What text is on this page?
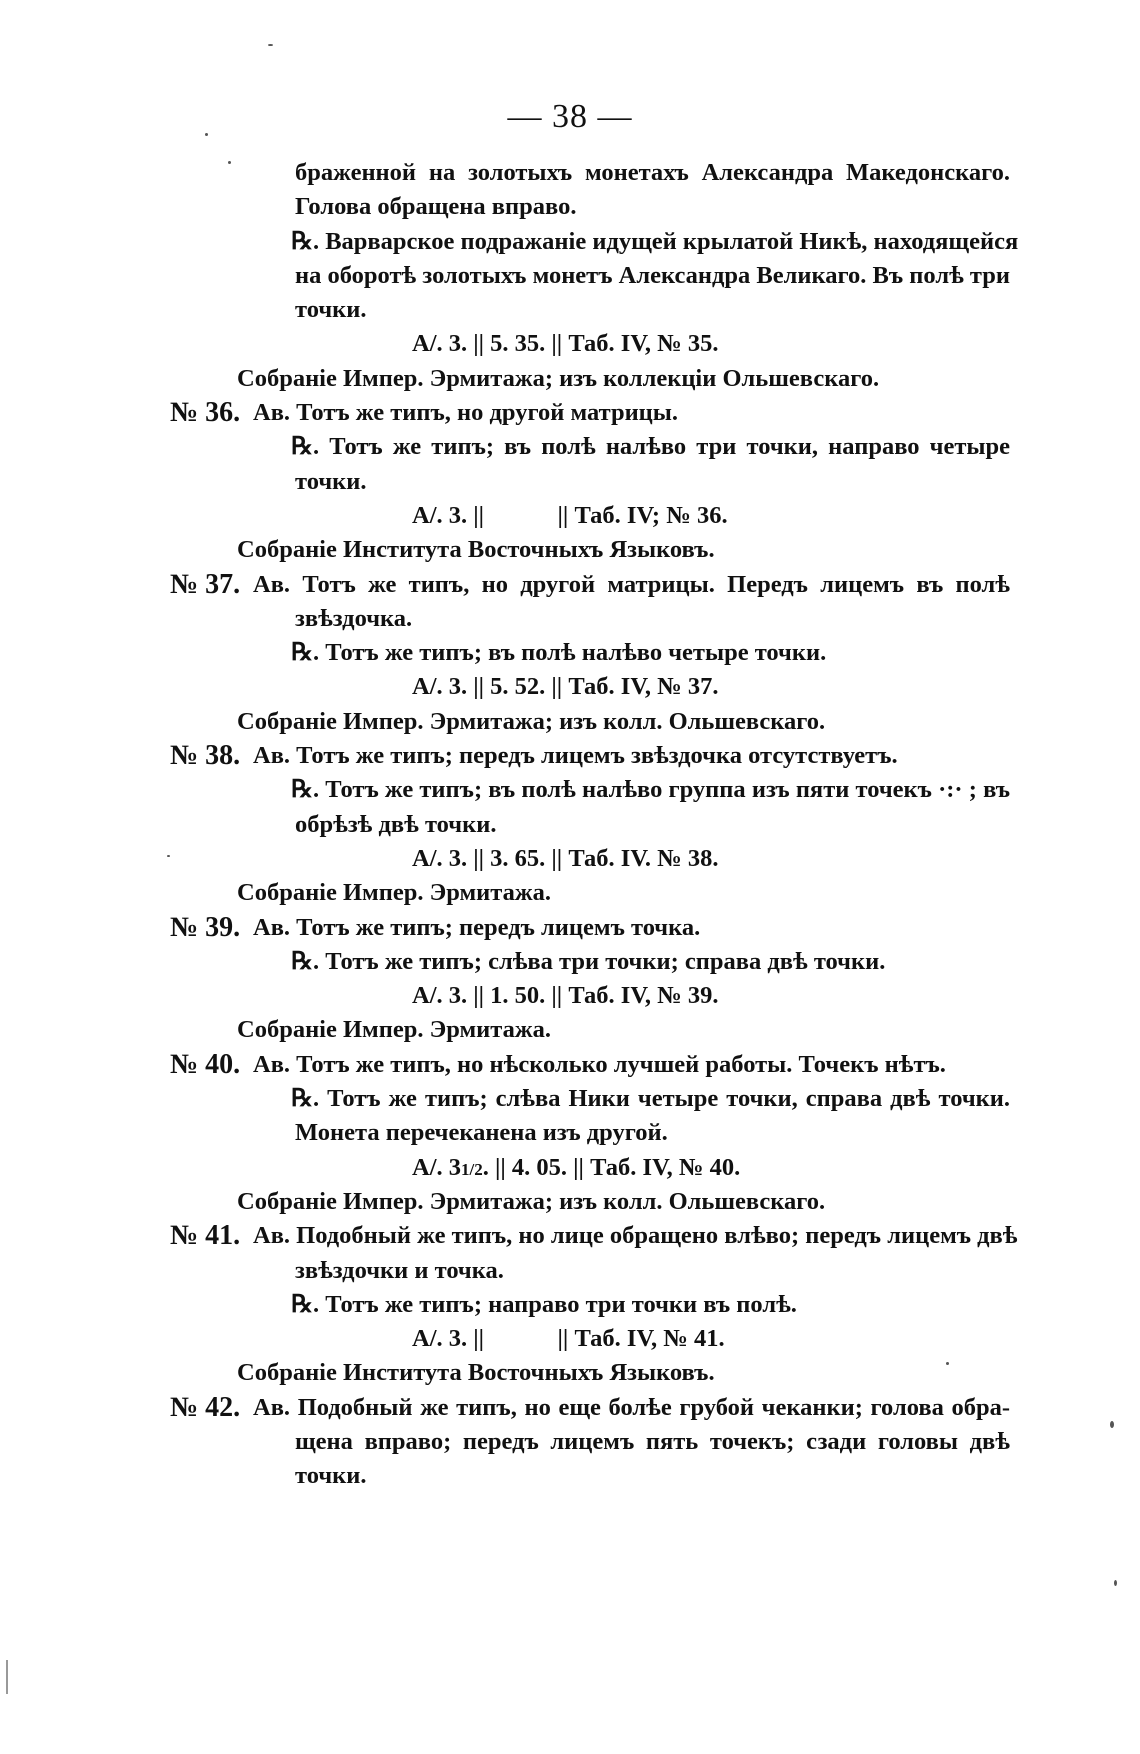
— 38 —
браженной на золотыхъ монетахъ Александра Македонскаго.
Голова обращена вправо.
℞. Варварское подражаніе идущей крылатой Никѣ, находящейся
на оборотѣ золотыхъ монетъ Александра Великаго. Въ полѣ три
точки.
A/. 3. || 5. 35. || Таб. IV, № 35.
Собраніе Импер. Эрмитажа; изъ коллекціи Ольшевскаго.
№ 36. Ав. Тотъ же типъ, но другой матрицы.
℞. Тотъ же типъ; въ полѣ налѣво три точки, направо четыре
точки.
A/. 3. ||            || Таб. IV; № 36.
Собраніе Института Восточныхъ Языковъ.
№ 37. Ав. Тотъ же типъ, но другой матрицы. Передъ лицемъ въ полѣ
звѣздочка.
℞. Тотъ же типъ; въ полѣ налѣво четыре точки.
A/. 3. || 5. 52. || Таб. IV, № 37.
Собраніе Импер. Эрмитажа; изъ колл. Ольшевскаго.
№ 38. Ав. Тотъ же типъ; передъ лицемъ звѣздочка отсутствуетъ.
℞. Тотъ же типъ; въ полѣ налѣво группа изъ пяти точекъ ·:· ; въ
обрѣзѣ двѣ точки.
A/. 3. || 3. 65. || Таб. IV. № 38.
Собраніе Импер. Эрмитажа.
№ 39. Ав. Тотъ же типъ; передъ лицемъ точка.
℞. Тотъ же типъ; слѣва три точки; справа двѣ точки.
A/. 3. || 1. 50. || Таб. IV, № 39.
Собраніе Импер. Эрмитажа.
№ 40. Ав. Тотъ же типъ, но нѣсколько лучшей работы. Точекъ нѣтъ.
℞. Тотъ же типъ; слѣва Ники четыре точки, справа двѣ точки.
Монета перечеканена изъ другой.
A/. 31/2. || 4. 05. || Таб. IV, № 40.
Собраніе Импер. Эрмитажа; изъ колл. Ольшевскаго.
№ 41. Ав. Подобный же типъ, но лице обращено влѣво; передъ лицемъ двѣ
звѣздочки и точка.
℞. Тотъ же типъ; направо три точки въ полѣ.
A/. 3. ||            || Таб. IV, № 41.
Собраніе Института Восточныхъ Языковъ.
№ 42. Ав. Подобный же типъ, но еще болѣе грубой чеканки; голова обра-
щена вправо; передъ лицемъ пять точекъ; сзади головы двѣ
точки.
